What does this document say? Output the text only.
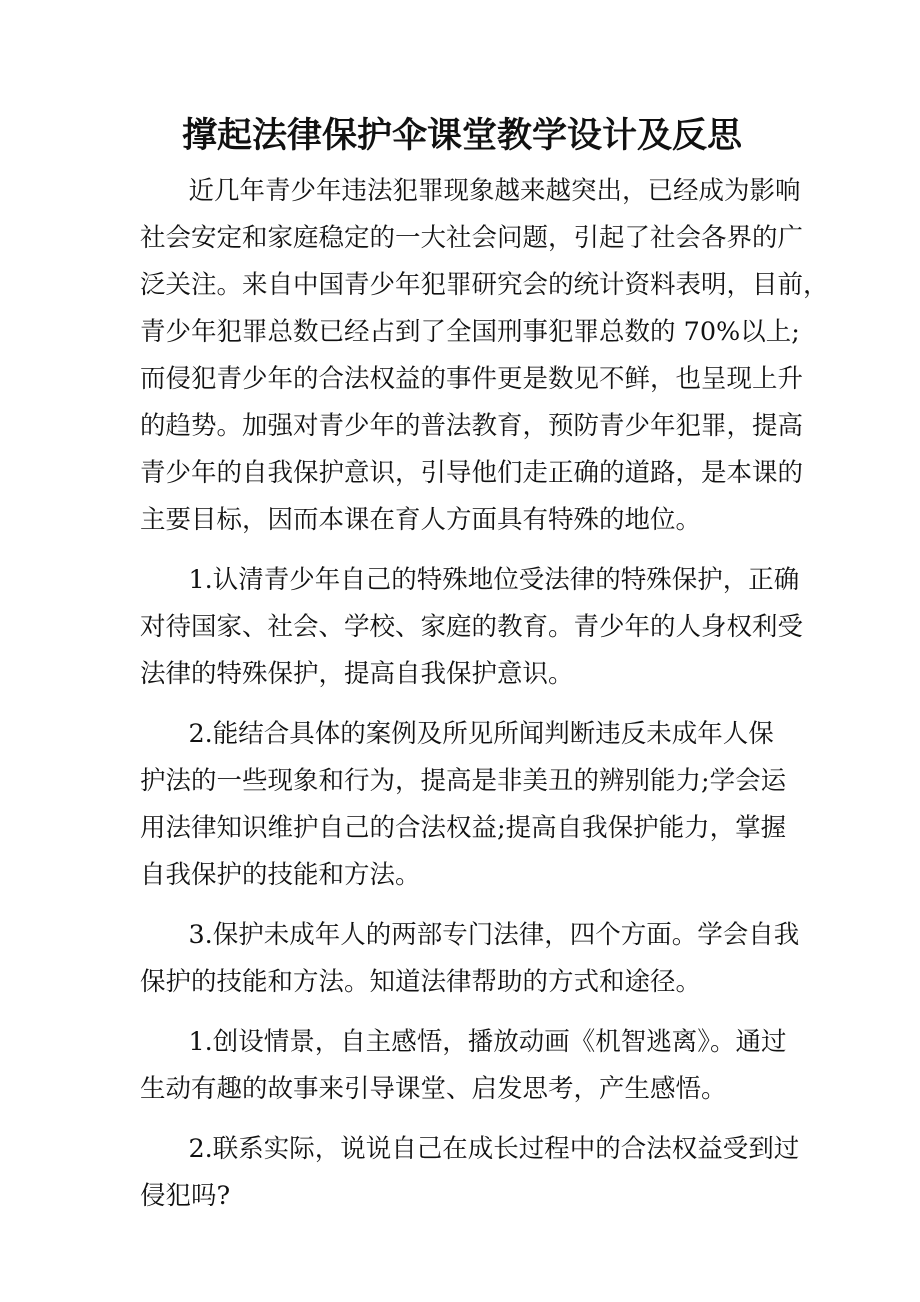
撑起法律保护伞课堂教学设计及反思

近几年青少年违法犯罪现象越来越突出，已经成为影响
社会安定和家庭稳定的一大社会问题，引起了社会各界的广
泛关注。来自中国青少年犯罪研究会的统计资料表明，目前，
青少年犯罪总数已经占到了全国刑事犯罪总数的 70%以上;
而侵犯青少年的合法权益的事件更是数见不鲜，也呈现上升
的趋势。加强对青少年的普法教育，预防青少年犯罪，提高
青少年的自我保护意识，引导他们走正确的道路，是本课的
主要目标，因而本课在育人方面具有特殊的地位。

1.认清青少年自己的特殊地位受法律的特殊保护，正确
对待国家、社会、学校、家庭的教育。青少年的人身权利受
法律的特殊保护，提高自我保护意识。

2.能结合具体的案例及所见所闻判断违反未成年人保
护法的一些现象和行为，提高是非美丑的辨别能力;学会运
用法律知识维护自己的合法权益;提高自我保护能力，掌握
自我保护的技能和方法。

3.保护未成年人的两部专门法律，四个方面。学会自我
保护的技能和方法。知道法律帮助的方式和途径。

1.创设情景，自主感悟，播放动画《机智逃离》。通过
生动有趣的故事来引导课堂、启发思考，产生感悟。

2.联系实际，说说自己在成长过程中的合法权益受到过
侵犯吗?
